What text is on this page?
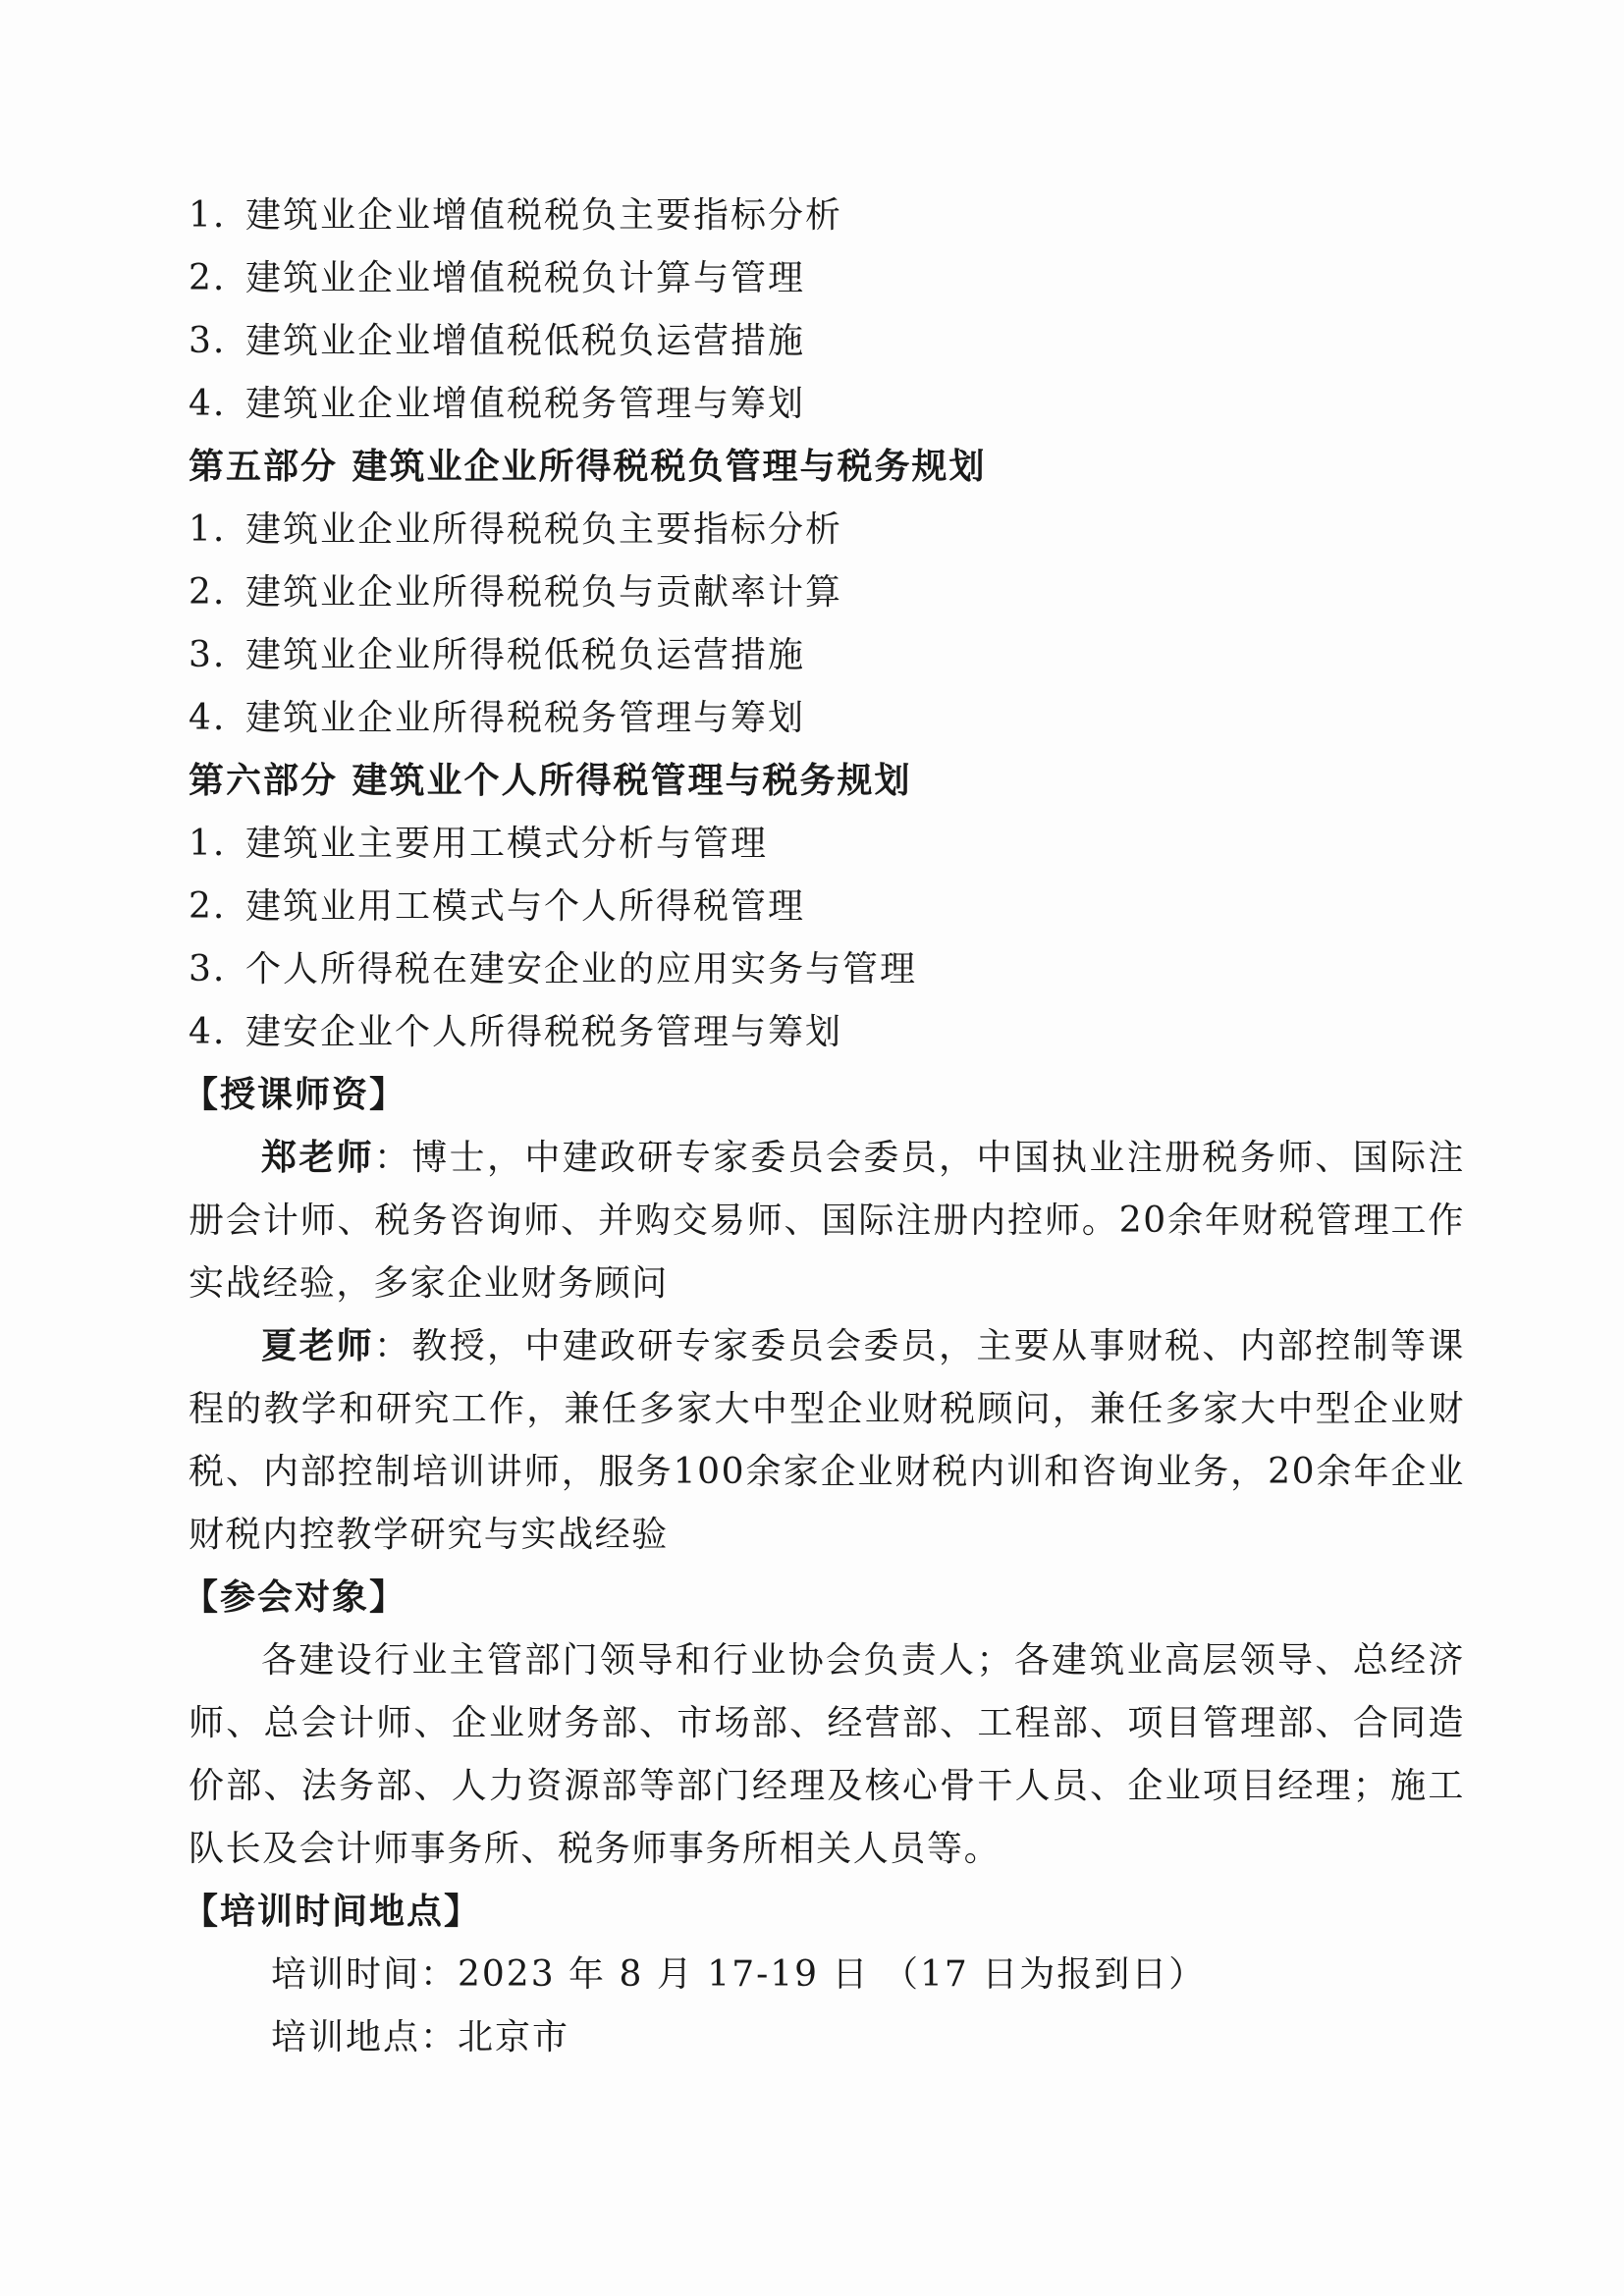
1. 建筑业企业增值税税负主要指标分析
2. 建筑业企业增值税税负计算与管理
3. 建筑业企业增值税低税负运营措施
4. 建筑业企业增值税税务管理与筹划
第五部分 建筑业企业所得税税负管理与税务规划
1. 建筑业企业所得税税负主要指标分析
2. 建筑业企业所得税税负与贡献率计算
3. 建筑业企业所得税低税负运营措施
4. 建筑业企业所得税税务管理与筹划
第六部分 建筑业个人所得税管理与税务规划
1. 建筑业主要用工模式分析与管理
2. 建筑业用工模式与个人所得税管理
3. 个人所得税在建安企业的应用实务与管理
4. 建安企业个人所得税税务管理与筹划
【授课师资】
郑老师：博士，中建政研专家委员会委员，中国执业注册税务师、国际注册会计师、税务咨询师、并购交易师、国际注册内控师。20余年财税管理工作实战经验，多家企业财务顾问
夏老师：教授，中建政研专家委员会委员，主要从事财税、内部控制等课程的教学和研究工作，兼任多家大中型企业财税顾问，兼任多家大中型企业财税、内部控制培训讲师，服务100余家企业财税内训和咨询业务，20余年企业财税内控教学研究与实战经验
【参会对象】
各建设行业主管部门领导和行业协会负责人；各建筑业高层领导、总经济师、总会计师、企业财务部、市场部、经营部、工程部、项目管理部、合同造价部、法务部、人力资源部等部门经理及核心骨干人员、企业项目经理；施工队长及会计师事务所、税务师事务所相关人员等。
【培训时间地点】
培训时间：2023 年 8 月 17-19 日 （17 日为报到日）
培训地点：北京市
